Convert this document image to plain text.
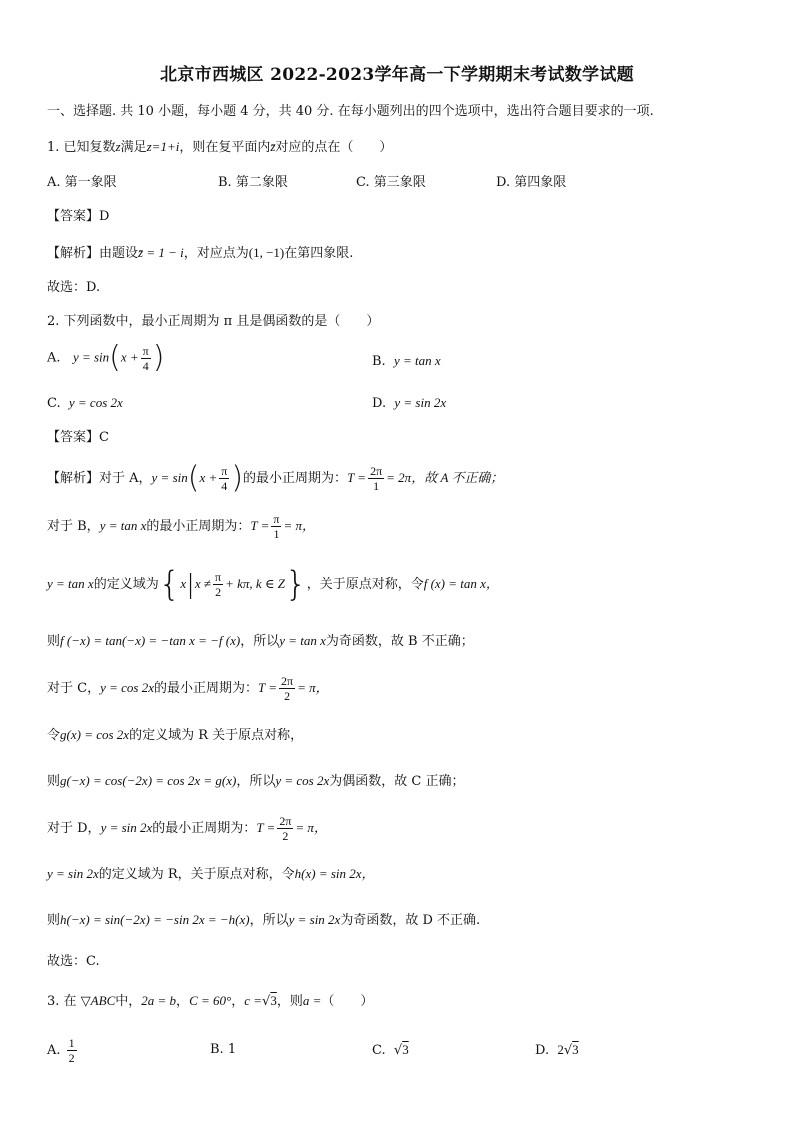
北京市西城区 2022-2023学年高一下学期期末考试数学试题
一、选择题. 共 10 小题，每小题 4 分，共 40 分. 在每小题列出的四个选项中，选出符合题目要求的一项.
1. 已知复数z满足z=1+i，则在复平面内z̄对应的点在（　　）
A. 第一象限	B. 第二象限	C. 第三象限	D. 第四象限
【答案】D
【解析】由题设z̄ = 1 − i，对应点为(1, −1)在第四象限.
故选：D.
2. 下列函数中，最小正周期为 π 且是偶函数的是（　　）
A. $y = \sin(x + \frac{\pi}{4}$ )	B. y = tan x
C. y = cos 2x	D. y = sin 2x
【答案】C
【解析】对于 A，$y = \sin(x + \frac{\pi}{4}$ )的最小正周期为：$T = \frac{2\pi}{1} = 2\pi$，故 A 不正确；
对于 B，y = tan x的最小正周期为：$T = \frac{\pi}{1} = \pi$，
y = tan x的定义域为{$x|x \ne \frac{\pi}{2} + k\pi$, k ∈ Z}，关于原点对称，令f (x) = tan x，
则f (−x) = tan(−x) = −tan x = −f (x)，所以y = tan x为奇函数，故 B 不正确；
对于 C，y = cos 2x的最小正周期为：$T = \frac{2\pi}{2} = \pi$，
令g(x) = cos 2x的定义域为 R 关于原点对称，
则g(−x) = cos(−2x) = cos 2x = g(x)，所以y = cos 2x为偶函数，故 C 正确；
对于 D，y = sin 2x的最小正周期为：$T = \frac{2\pi}{2} = \pi$，
y = sin 2x的定义域为 R，关于原点对称，令h(x) = sin 2x，
则h(−x) = sin(−2x) = −sin 2x = −h(x)，所以y = sin 2x为奇函数，故 D 不正确.
故选：C.
3. 在 ▽ABC中，2a = b，C = 60°，c =√3，则a =（　　）
A. $\frac{1}{2}$	B. 1	C.  √3	D. 2√3
